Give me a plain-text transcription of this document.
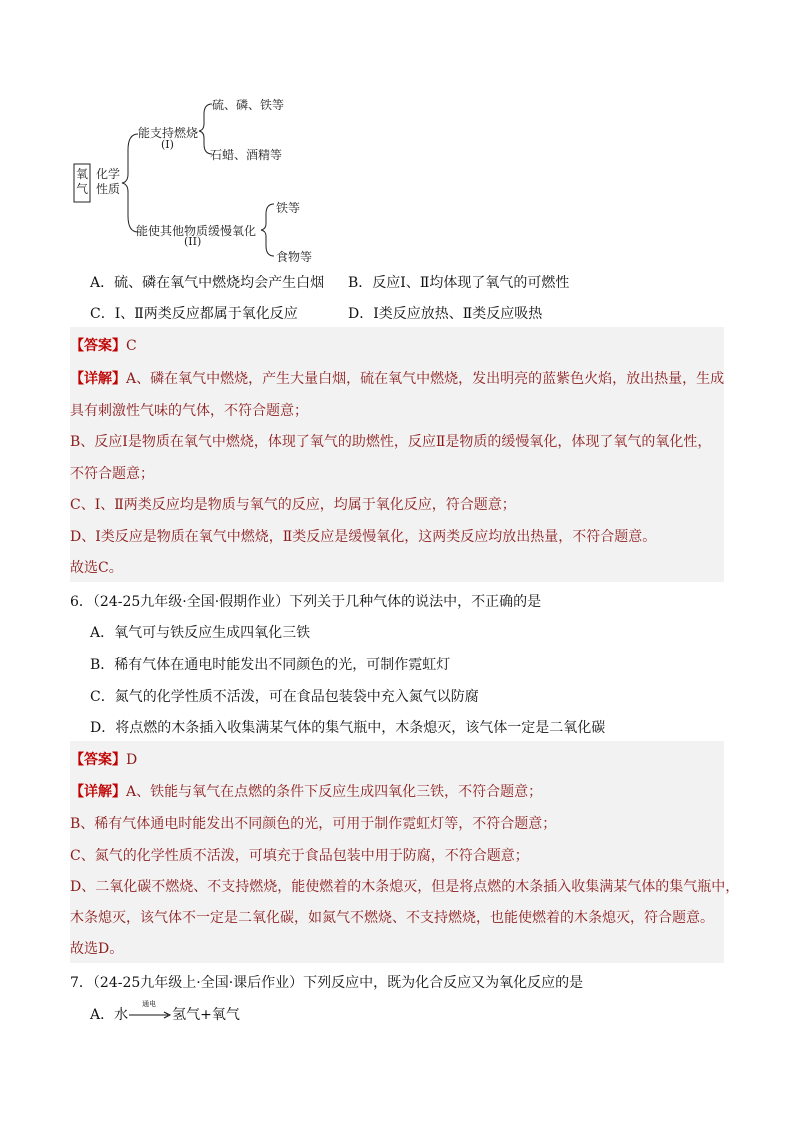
氧气
化学性质
能支持燃烧
(I)
硫、磷、铁等
石蜡、酒精等
能使其他物质缓慢氧化
(II)
铁等
食物等
A．硫、磷在氧气中燃烧均会产生白烟 B．反应Ⅰ、Ⅱ均体现了氧气的可燃性
C．Ⅰ、Ⅱ两类反应都属于氧化反应	D．Ⅰ类反应放热、Ⅱ类反应吸热
【答案】C
【详解】A、磷在氧气中燃烧，产生大量白烟，硫在氧气中燃烧，发出明亮的蓝紫色火焰，放出热量，生成
具有刺激性气味的气体，不符合题意；
B、反应Ⅰ是物质在氧气中燃烧，体现了氧气的助燃性，反应Ⅱ是物质的缓慢氧化，体现了氧气的氧化性，
不符合题意；
C、Ⅰ、Ⅱ两类反应均是物质与氧气的反应，均属于氧化反应，符合题意；
D、Ⅰ类反应是物质在氧气中燃烧，Ⅱ类反应是缓慢氧化，这两类反应均放出热量，不符合题意。
故选C。
6．（24-25九年级·全国·假期作业）下列关于几种气体的说法中，不正确的是
A．氧气可与铁反应生成四氧化三铁
B．稀有气体在通电时能发出不同颜色的光，可制作霓虹灯
C．氮气的化学性质不活泼，可在食品包装袋中充入氮气以防腐
D．将点燃的木条插入收集满某气体的集气瓶中，木条熄灭，该气体一定是二氧化碳
【答案】D
【详解】A、铁能与氧气在点燃的条件下反应生成四氧化三铁，不符合题意；
B、稀有气体通电时能发出不同颜色的光，可用于制作霓虹灯等，不符合题意；
C、氮气的化学性质不活泼，可填充于食品包装中用于防腐，不符合题意；
D、二氧化碳不燃烧、不支持燃烧，能使燃着的木条熄灭，但是将点燃的木条插入收集满某气体的集气瓶中，
木条熄灭，该气体不一定是二氧化碳，如氮气不燃烧、不支持燃烧，也能使燃着的木条熄灭，符合题意。
故选D。
7．（24-25九年级上·全国·课后作业）下列反应中，既为化合反应又为氧化反应的是
A．水
通电
氢气+氧气
